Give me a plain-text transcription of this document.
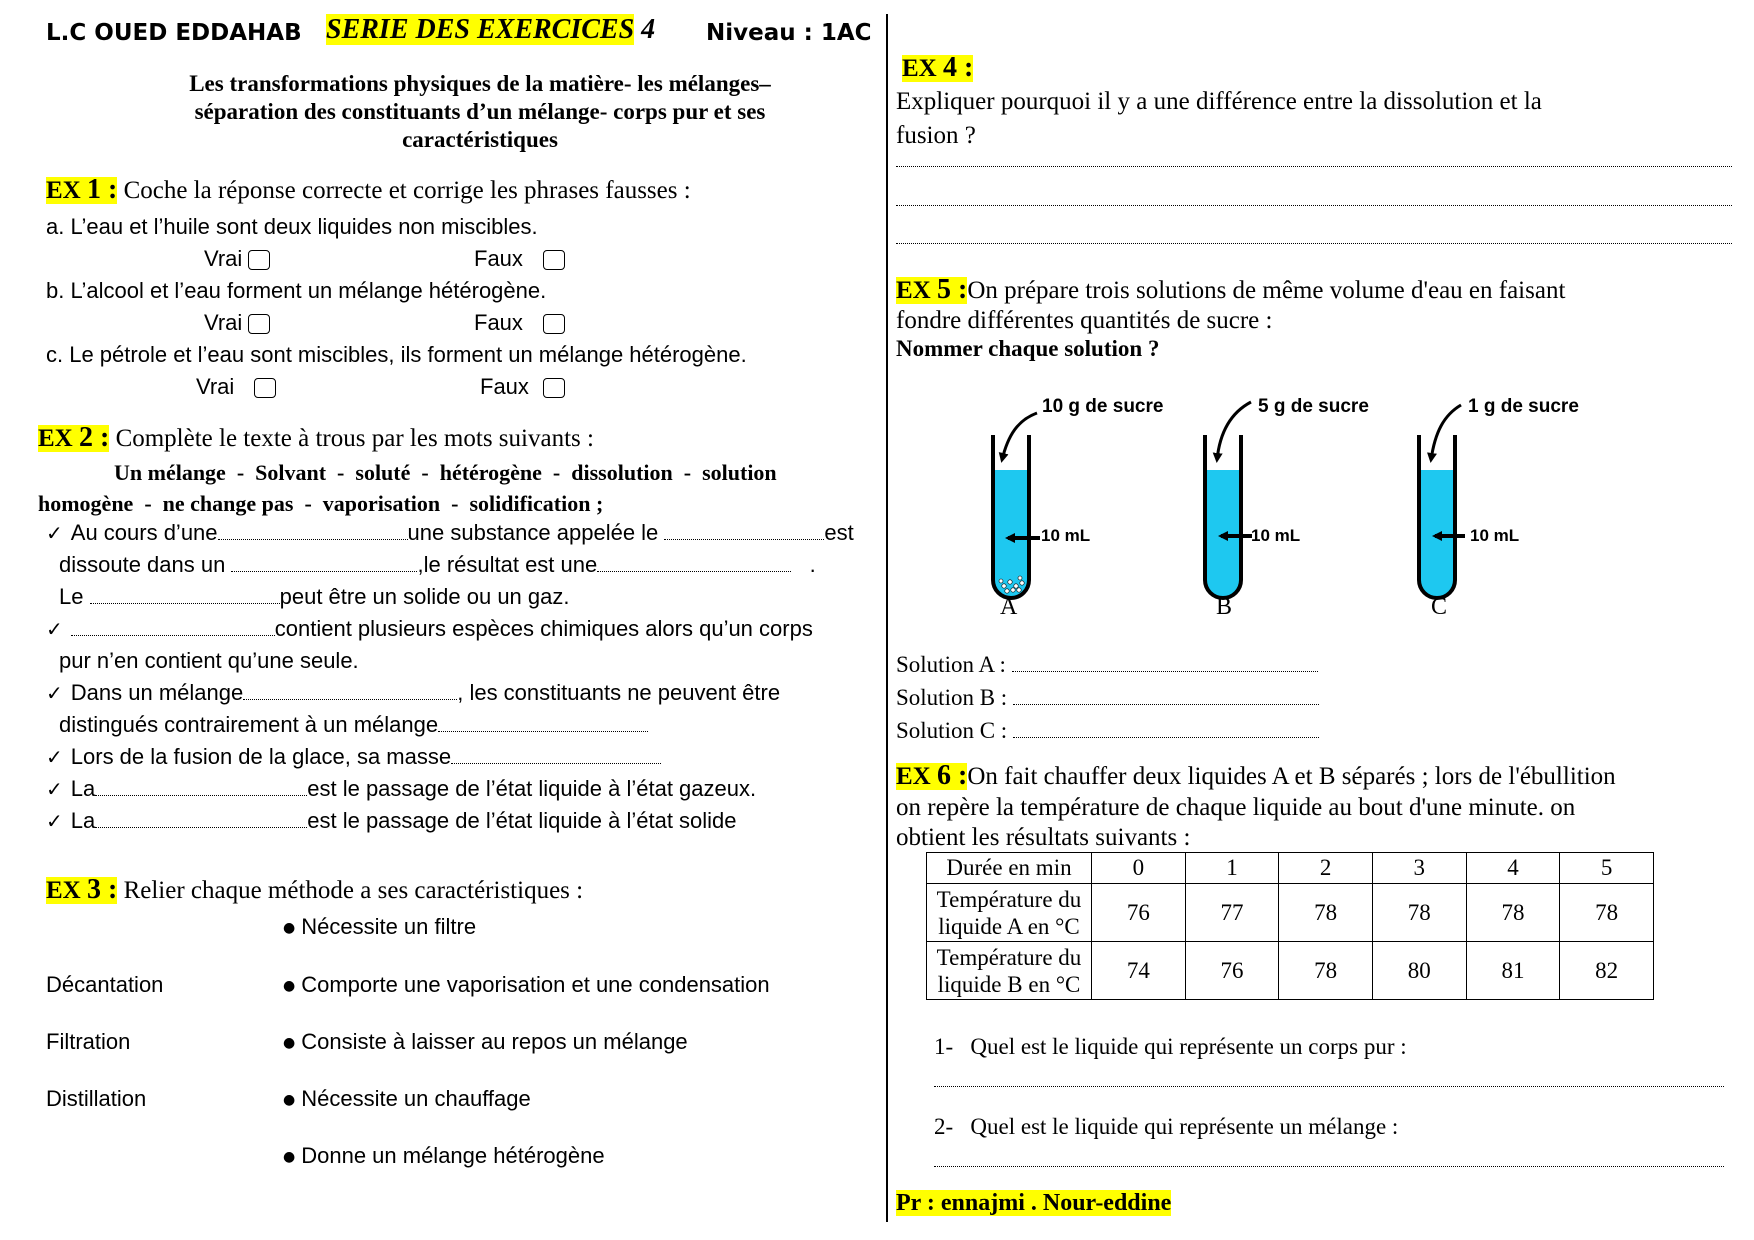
L.C OUED EDDAHAB SERIE DES EXERCICES 4 Niveau : 1AC
Les transformations physiques de la matière- les mélanges–
séparation des constituants d’un mélange- corps pur et ses
caractéristiques
EX 1 : Coche la réponse correcte et corrige les phrases fausses :
a. L’eau et l’huile sont deux liquides non miscibles.
Vrai	Faux
b. L’alcool et l’eau forment un mélange hétérogène.
Vrai	Faux
c. Le pétrole et l’eau sont miscibles, ils forment un mélange hétérogène.
Vrai	Faux
EX 2 : Complète le texte à trous par les mots suivants :
Un mélange  -  Solvant  -  soluté  -  hétérogène  -  dissolution  -  solution
homogène  -  ne change pas  -  vaporisation  -  solidification ;
✓ Au cours d’une	une substance appelée le	est
dissoute dans un	,le résultat est une	.
Le	peut être un solide ou un gaz.
✓	contient plusieurs espèces chimiques alors qu’un corps
pur n’en contient qu’une seule.
✓ Dans un mélange	, les constituants ne peuvent être
distingués contrairement à un mélange
✓ Lors de la fusion de la glace, sa masse
✓ La	est le passage de l’état liquide à l’état gazeux.
✓ La	est le passage de l’état liquide à l’état solide
EX 3 : Relier chaque méthode a ses caractéristiques :
● Nécessite un filtre
Décantation	● Comporte une vaporisation et une condensation
Filtration	● Consiste à laisser au repos un mélange
Distillation	● Nécessite un chauffage
● Donne un mélange hétérogène
EX 4 :
Expliquer pourquoi il y a une différence entre la dissolution et la
fusion ?
EX 5 :On prépare trois solutions de même volume d'eau en faisant
fondre différentes quantités de sucre :
Nommer chaque solution ?
10 g de sucre	5 g de sucre	1 g de sucre
10 mL	10 mL	10 mL
A	B	C
Solution A :
Solution B :
Solution C :
EX 6 :On fait chauffer deux liquides A et B séparés ; lors de l'ébullition
on repère la température de chaque liquide au bout d'une minute. on
obtient les résultats suivants :
Durée en min	0	1	2	3	4	5

Température du
liquide A en °C	76	77	78	78	78	78

Température du
liquide B en °C	74	76	78	80	81	82
1-   Quel est le liquide qui représente un corps pur :
2-   Quel est le liquide qui représente un mélange :
Pr : ennajmi . Nour-eddine
